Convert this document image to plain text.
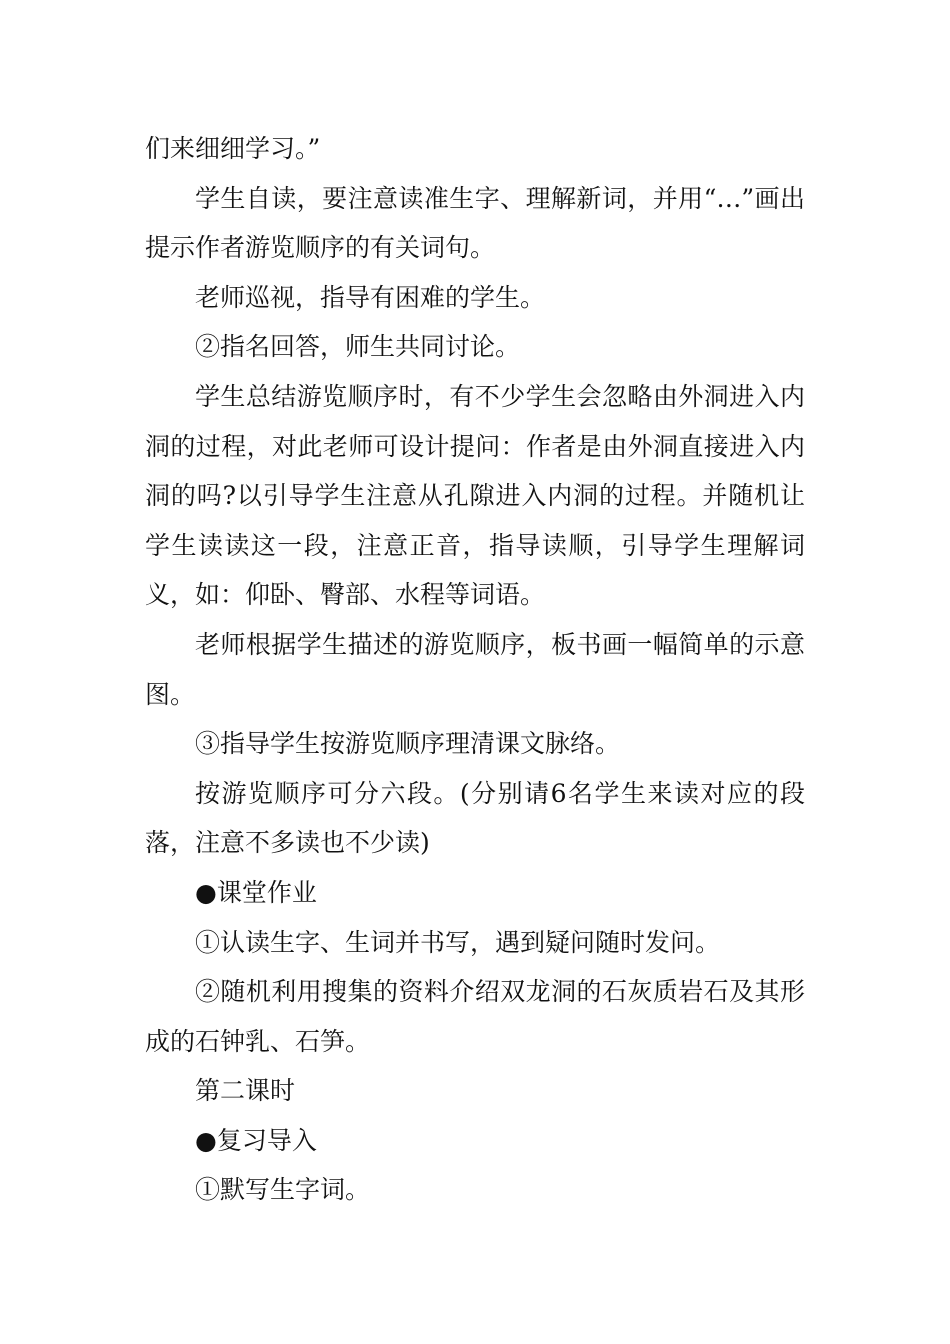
们来细细学习。”

学生自读，要注意读准生字、理解新词，并用“…”画出提示作者游览顺序的有关词句。

老师巡视，指导有困难的学生。

②指名回答，师生共同讨论。

学生总结游览顺序时，有不少学生会忽略由外洞进入内洞的过程，对此老师可设计提问：作者是由外洞直接进入内洞的吗?以引导学生注意从孔隙进入内洞的过程。并随机让学生读读这一段，注意正音，指导读顺，引导学生理解词义，如：仰卧、臀部、水程等词语。

老师根据学生描述的游览顺序，板书画一幅简单的示意图。

③指导学生按游览顺序理清课文脉络。

按游览顺序可分六段。(分别请6名学生来读对应的段落，注意不多读也不少读)

●课堂作业

①认读生字、生词并书写，遇到疑问随时发问。

②随机利用搜集的资料介绍双龙洞的石灰质岩石及其形成的石钟乳、石笋。

第二课时

●复习导入

①默写生字词。
